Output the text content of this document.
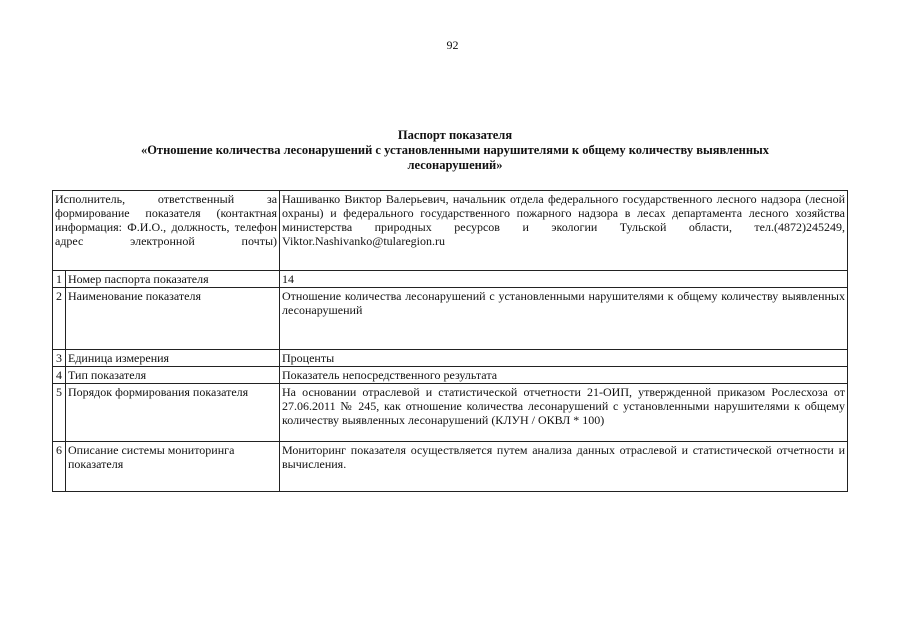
92
Паспорт показателя
«Отношение количества лесонарушений с установленными нарушителями к общему количеству выявленных
лесонарушений»
Исполнитель, ответственный за формирование показателя (контактная информация: Ф.И.О., должность, телефон адрес электронной почты)		Нашиванко Виктор Валерьевич, начальник отдела федерального государственного лесного надзора (лесной охраны) и федерального государственного пожарного надзора в лесах департамента лесного хозяйства министерства природных ресурсов и экологии Тульской области, тел.(4872)245249, Viktor.Nashivanko@tularegion.ru
1	Номер паспорта показателя	14
2	Наименование показателя	Отношение количества лесонарушений с установленными нарушителями к общему количеству выявленных лесонарушений
3	Единица измерения	Проценты
4	Тип показателя	Показатель непосредственного результата
5	Порядок формирования показателя	На основании отраслевой и статистической отчетности 21-ОИП, утвержденной приказом Рослесхоза от 27.06.2011 № 245, как отношение количества лесонарушений с установленными нарушителями к общему количеству выявленных лесонарушений (КЛУН / ОКВЛ * 100)
6	Описание системы мониторинга показателя	Мониторинг показателя осуществляется путем анализа данных отраслевой и статистической отчетности и вычисления.
